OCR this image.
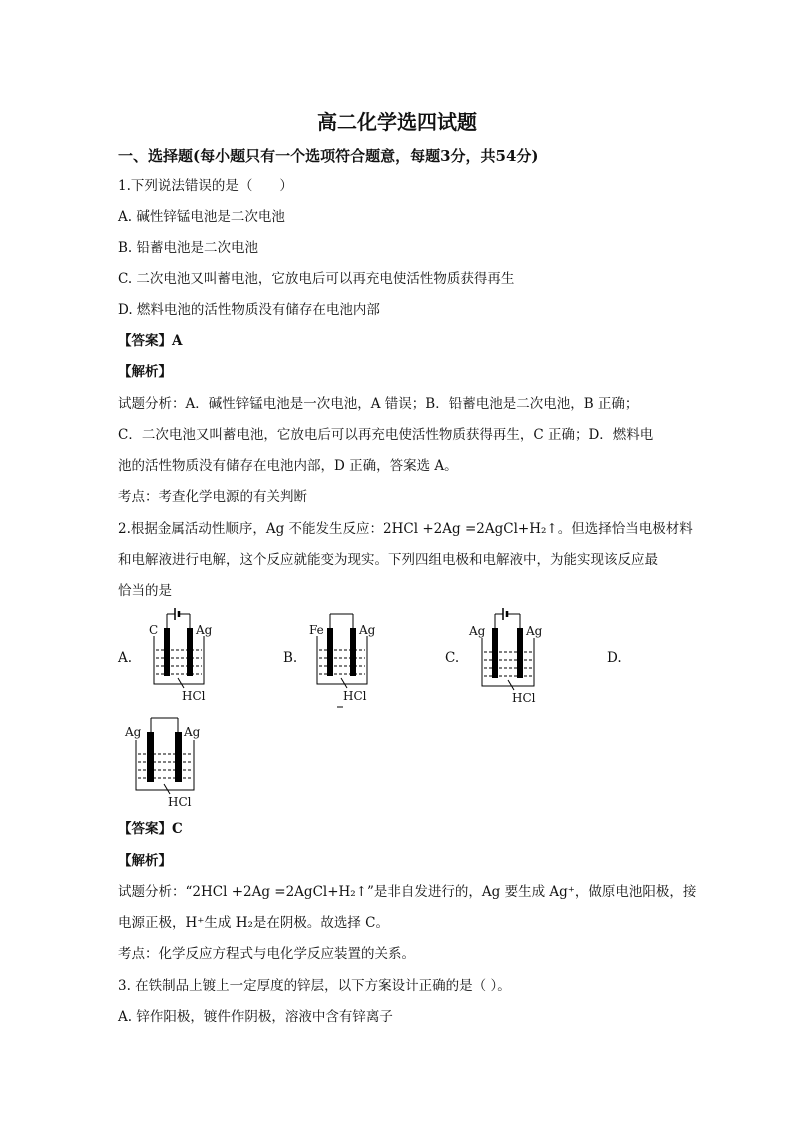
高二化学选四试题
一、选择题(每小题只有一个选项符合题意，每题3分，共54分)
1.下列说法错误的是（　　）
A. 碱性锌锰电池是二次电池
B. 铅蓄电池是二次电池
C. 二次电池又叫蓄电池，它放电后可以再充电使活性物质获得再生
D. 燃料电池的活性物质没有储存在电池内部
【答案】A
【解析】
试题分析：A．碱性锌锰电池是一次电池，A 错误；B．铅蓄电池是二次电池，B 正确；
C．二次电池又叫蓄电池，它放电后可以再充电使活性物质获得再生，C 正确；D．燃料电
池的活性物质没有储存在电池内部，D 正确，答案选 A。
考点：考查化学电源的有关判断
2.根据金属活动性顺序，Ag 不能发生反应：2HCl +2Ag =2AgCl+H₂↑。但选择恰当电极材料
和电解液进行电解，这个反应就能变为现实。下列四组电极和电解液中，为能实现该反应最
恰当的是
A.	B.	C.	D.
C	Ag
HCl
Fe	Ag
HCl
Ag	Ag
HCl
Ag	Ag
HCl
【答案】C
【解析】
试题分析：“2HCl +2Ag =2AgCl+H₂↑”是非自发进行的，Ag 要生成 Ag⁺，做原电池阳极，接
电源正极，H⁺生成 H₂是在阴极。故选择 C。
考点：化学反应方程式与电化学反应装置的关系。
3. 在铁制品上镀上一定厚度的锌层，以下方案设计正确的是（ ）。
A. 锌作阳极，镀件作阴极，溶液中含有锌离子
